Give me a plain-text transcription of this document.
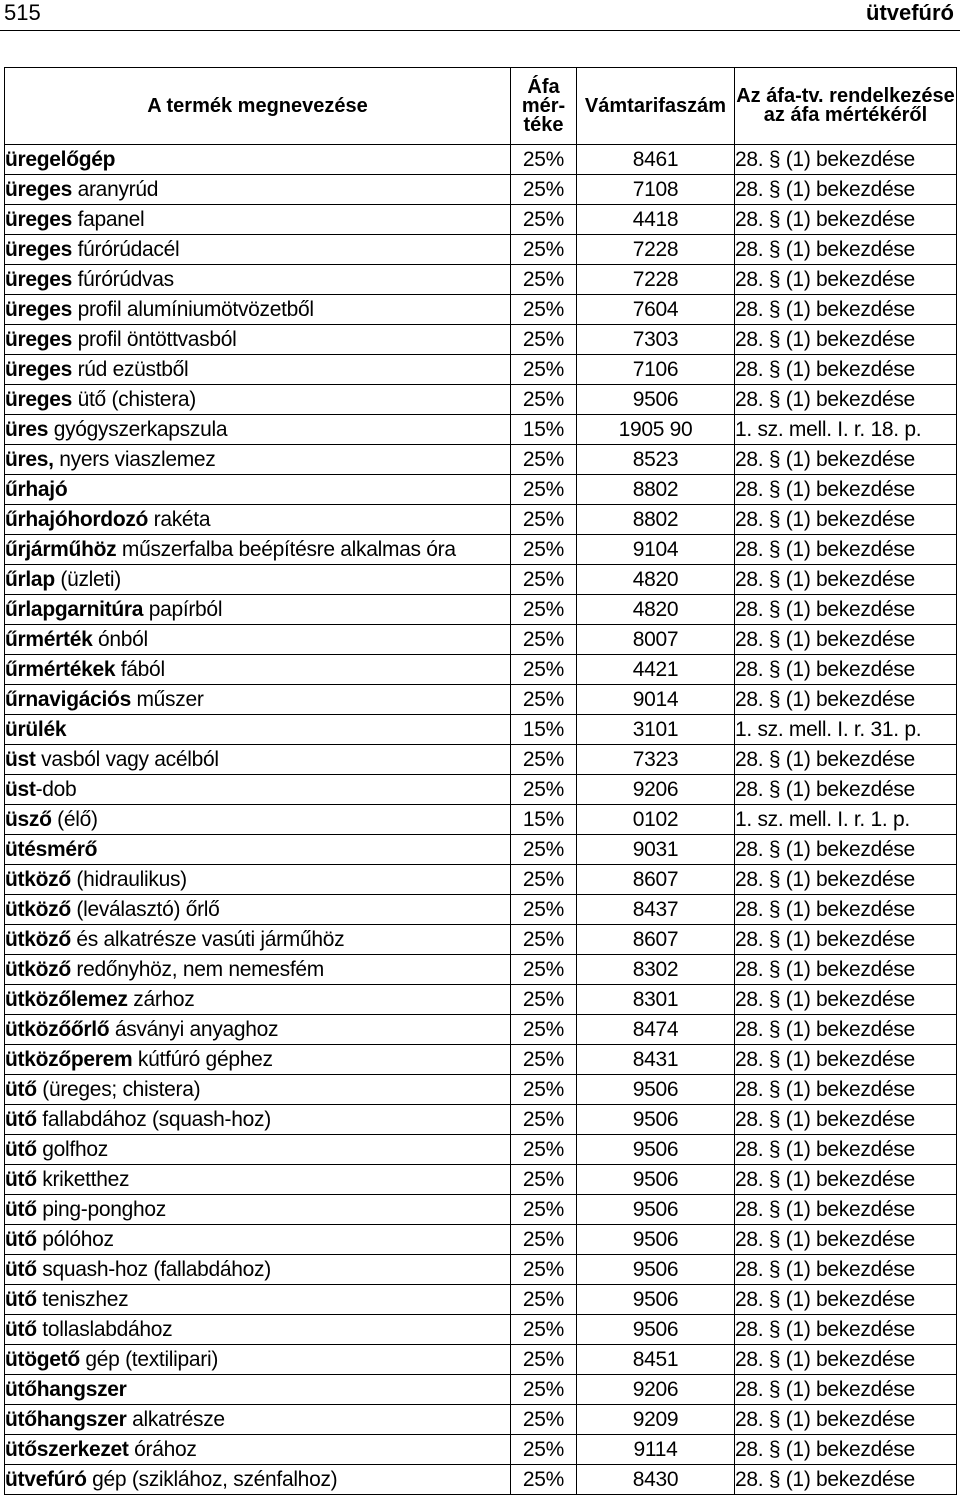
515	ütvefúró
A termék megnevezése	Áfa mér- téke	Vámtarifaszám	Az áfa-tv. rendelkezése az áfa mértékéről
üregelőgép	25%	8461	28. § (1) bekezdése
üreges aranyrúd	25%	7108	28. § (1) bekezdése
üreges fapanel	25%	4418	28. § (1) bekezdése
üreges fúrórúdacél	25%	7228	28. § (1) bekezdése
üreges fúrórúdvas	25%	7228	28. § (1) bekezdése
üreges profil alumíniumötvözetből	25%	7604	28. § (1) bekezdése
üreges profil öntöttvasból	25%	7303	28. § (1) bekezdése
üreges rúd ezüstből	25%	7106	28. § (1) bekezdése
üreges ütő (chistera)	25%	9506	28. § (1) bekezdése
üres gyógyszerkapszula	15%	1905 90	1. sz. mell. I. r. 18. p.
üres, nyers viaszlemez	25%	8523	28. § (1) bekezdése
űrhajó	25%	8802	28. § (1) bekezdése
űrhajóhordozó rakéta	25%	8802	28. § (1) bekezdése
űrjárműhöz műszerfalba beépítésre alkalmas óra	25%	9104	28. § (1) bekezdése
űrlap (üzleti)	25%	4820	28. § (1) bekezdése
űrlapgarnitúra papírból	25%	4820	28. § (1) bekezdése
űrmérték ónból	25%	8007	28. § (1) bekezdése
űrmértékek fából	25%	4421	28. § (1) bekezdése
űrnavigációs műszer	25%	9014	28. § (1) bekezdése
ürülék	15%	3101	1. sz. mell. I. r. 31. p.
üst vasból vagy acélból	25%	7323	28. § (1) bekezdése
üst-dob	25%	9206	28. § (1) bekezdése
üsző (élő)	15%	0102	1. sz. mell. I. r. 1. p.
ütésmérő	25%	9031	28. § (1) bekezdése
ütköző (hidraulikus)	25%	8607	28. § (1) bekezdése
ütköző (leválasztó) őrlő	25%	8437	28. § (1) bekezdése
ütköző és alkatrésze vasúti járműhöz	25%	8607	28. § (1) bekezdése
ütköző redőnyhöz, nem nemesfém	25%	8302	28. § (1) bekezdése
ütközőlemez zárhoz	25%	8301	28. § (1) bekezdése
ütközőőrlő ásványi anyaghoz	25%	8474	28. § (1) bekezdése
ütközőperem kútfúró géphez	25%	8431	28. § (1) bekezdése
ütő (üreges; chistera)	25%	9506	28. § (1) bekezdése
ütő fallabdához (squash-hoz)	25%	9506	28. § (1) bekezdése
ütő golfhoz	25%	9506	28. § (1) bekezdése
ütő kriketthez	25%	9506	28. § (1) bekezdése
ütő ping-ponghoz	25%	9506	28. § (1) bekezdése
ütő pólóhoz	25%	9506	28. § (1) bekezdése
ütő squash-hoz (fallabdához)	25%	9506	28. § (1) bekezdése
ütő teniszhez	25%	9506	28. § (1) bekezdése
ütő tollaslabdához	25%	9506	28. § (1) bekezdése
ütögető gép (textilipari)	25%	8451	28. § (1) bekezdése
ütőhangszer	25%	9206	28. § (1) bekezdése
ütőhangszer alkatrésze	25%	9209	28. § (1) bekezdése
ütőszerkezet órához	25%	9114	28. § (1) bekezdése
ütvefúró gép (sziklához, szénfalhoz)	25%	8430	28. § (1) bekezdése
